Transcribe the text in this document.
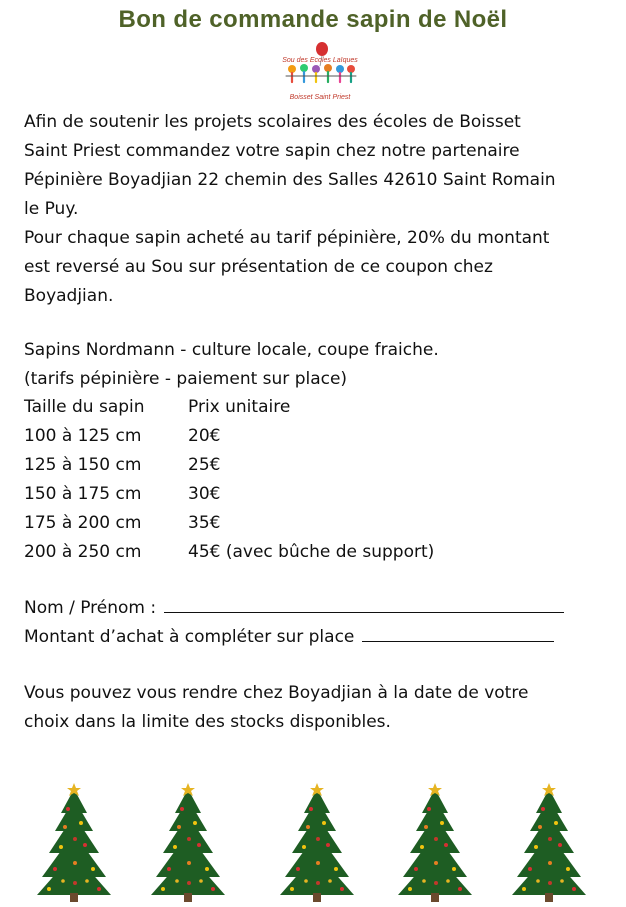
Bon de commande sapin de Noël
Sou des Ecoles Laïques
Boisset Saint Priest
Afin de soutenir les projets scolaires des écoles de Boisset
Saint Priest commandez votre sapin chez notre partenaire
Pépinière Boyadjian 22 chemin des Salles 42610 Saint Romain
le Puy.
Pour chaque sapin acheté au tarif pépinière, 20% du montant
est reversé au Sou sur présentation de ce coupon chez
Boyadjian.
Sapins Nordmann - culture locale, coupe fraiche.
(tarifs pépinière - paiement sur place)
Taille du sapin	Prix unitaire
100 à 125 cm	20€
125 à 150 cm	25€
150 à 175 cm	30€
175 à 200 cm	35€
200 à 250 cm	45€ (avec bûche de support)
Nom / Prénom :
Montant d’achat à compléter sur place
Vous pouvez vous rendre chez Boyadjian à la date de votre
choix dans la limite des stocks disponibles.
